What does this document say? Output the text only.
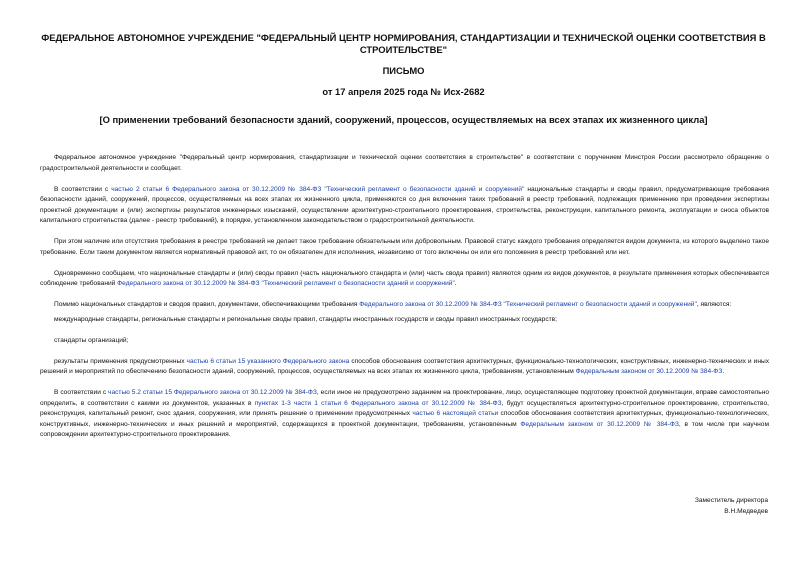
ФЕДЕРАЛЬНОЕ АВТОНОМНОЕ УЧРЕЖДЕНИЕ "ФЕДЕРАЛЬНЫЙ ЦЕНТР НОРМИРОВАНИЯ, СТАНДАРТИЗАЦИИ И ТЕХНИЧЕСКОЙ ОЦЕНКИ СООТВЕТСТВИЯ В СТРОИТЕЛЬСТВЕ"
ПИСЬМО
от 17 апреля 2025 года № Исх-2682
[О применении требований безопасности зданий, сооружений, процессов, осуществляемых на всех этапах их жизненного цикла]

Федеральное автономное учреждение "Федеральный центр нормирования, стандартизации и технической оценки соответствия в строительстве" в соответствии с поручением Минстроя России рассмотрело обращение о градостроительной деятельности и сообщает.

В соответствии с частью 2 статьи 6 Федерального закона от 30.12.2009 № 384-ФЗ "Технический регламент о безопасности зданий и сооружений" национальные стандарты и своды правил, предусматривающие требования безопасности зданий, сооружений, процессов, осуществляемых на всех этапах их жизненного цикла, применяются со дня включения таких требований в реестр требований, подлежащих применению при проведении экспертизы проектной документации и (или) экспертизы результатов инженерных изысканий, осуществлении архитектурно-строительного проектирования, строительства, реконструкции, капитального ремонта, эксплуатации и сноса объектов капитального строительства (далее - реестр требований), в порядке, установленном законодательством о градостроительной деятельности.

При этом наличие или отсутствия требования в реестре требований не делает такое требование обязательным или добровольным. Правовой статус каждого требования определяется видом документа, из которого выделено такое требование. Если таким документом является нормативный правовой акт, то он обязателен для исполнения, независимо от того включены он или его положения в реестр требований или нет.

Одновременно сообщаем, что национальные стандарты и (или) своды правил (часть национального стандарта и (или) часть свода правил) являются одним из видов документов, в результате применения которых обеспечивается соблюдение требований Федерального закона от 30.12.2009 № 384-ФЗ "Технический регламент о безопасности зданий и сооружений".

Помимо национальных стандартов и сводов правил, документами, обеспечивающими требования Федерального закона от 30.12.2009 № 384-ФЗ "Технический регламент о безопасности зданий и сооружений", являются:

международные стандарты, региональные стандарты и региональные своды правил, стандарты иностранных государств и своды правил иностранных государств;

стандарты организаций;

результаты применения предусмотренных частью 6 статьи 15 указанного Федерального закона способов обоснования соответствия архитектурных, функционально-технологических, конструктивных, инженерно-технических и иных решений и мероприятий по обеспечению безопасности зданий, сооружений, процессов, осуществляемых на всех этапах их жизненного цикла, требованиям, установленным Федеральным законом от 30.12.2009 № 384-ФЗ.

В соответствии с частью 5.2 статьи 15 Федерального закона от 30.12.2009 № 384-ФЗ, если иное не предусмотрено заданием на проектирование, лицо, осуществляющее подготовку проектной документации, вправе самостоятельно определить, в соответствии с какими из документов, указанных в пунктах 1-3 части 1 статьи 6 Федерального закона от 30.12.2009 № 384-ФЗ, будут осуществляться архитектурно-строительное проектирование, строительство, реконструкция, капитальный ремонт, снос здания, сооружения, или принять решение о применении предусмотренных частью 6 настоящей статьи способов обоснования соответствия архитектурных, функционально-технологических, конструктивных, инженерно-технических и иных решений и мероприятий, содержащихся в проектной документации, требованиям, установленным Федеральным законом от 30.12.2009 № 384-ФЗ, в том числе при научном сопровождении архитектурно-строительного проектирования.

Заместитель директора
В.Н.Медведев
